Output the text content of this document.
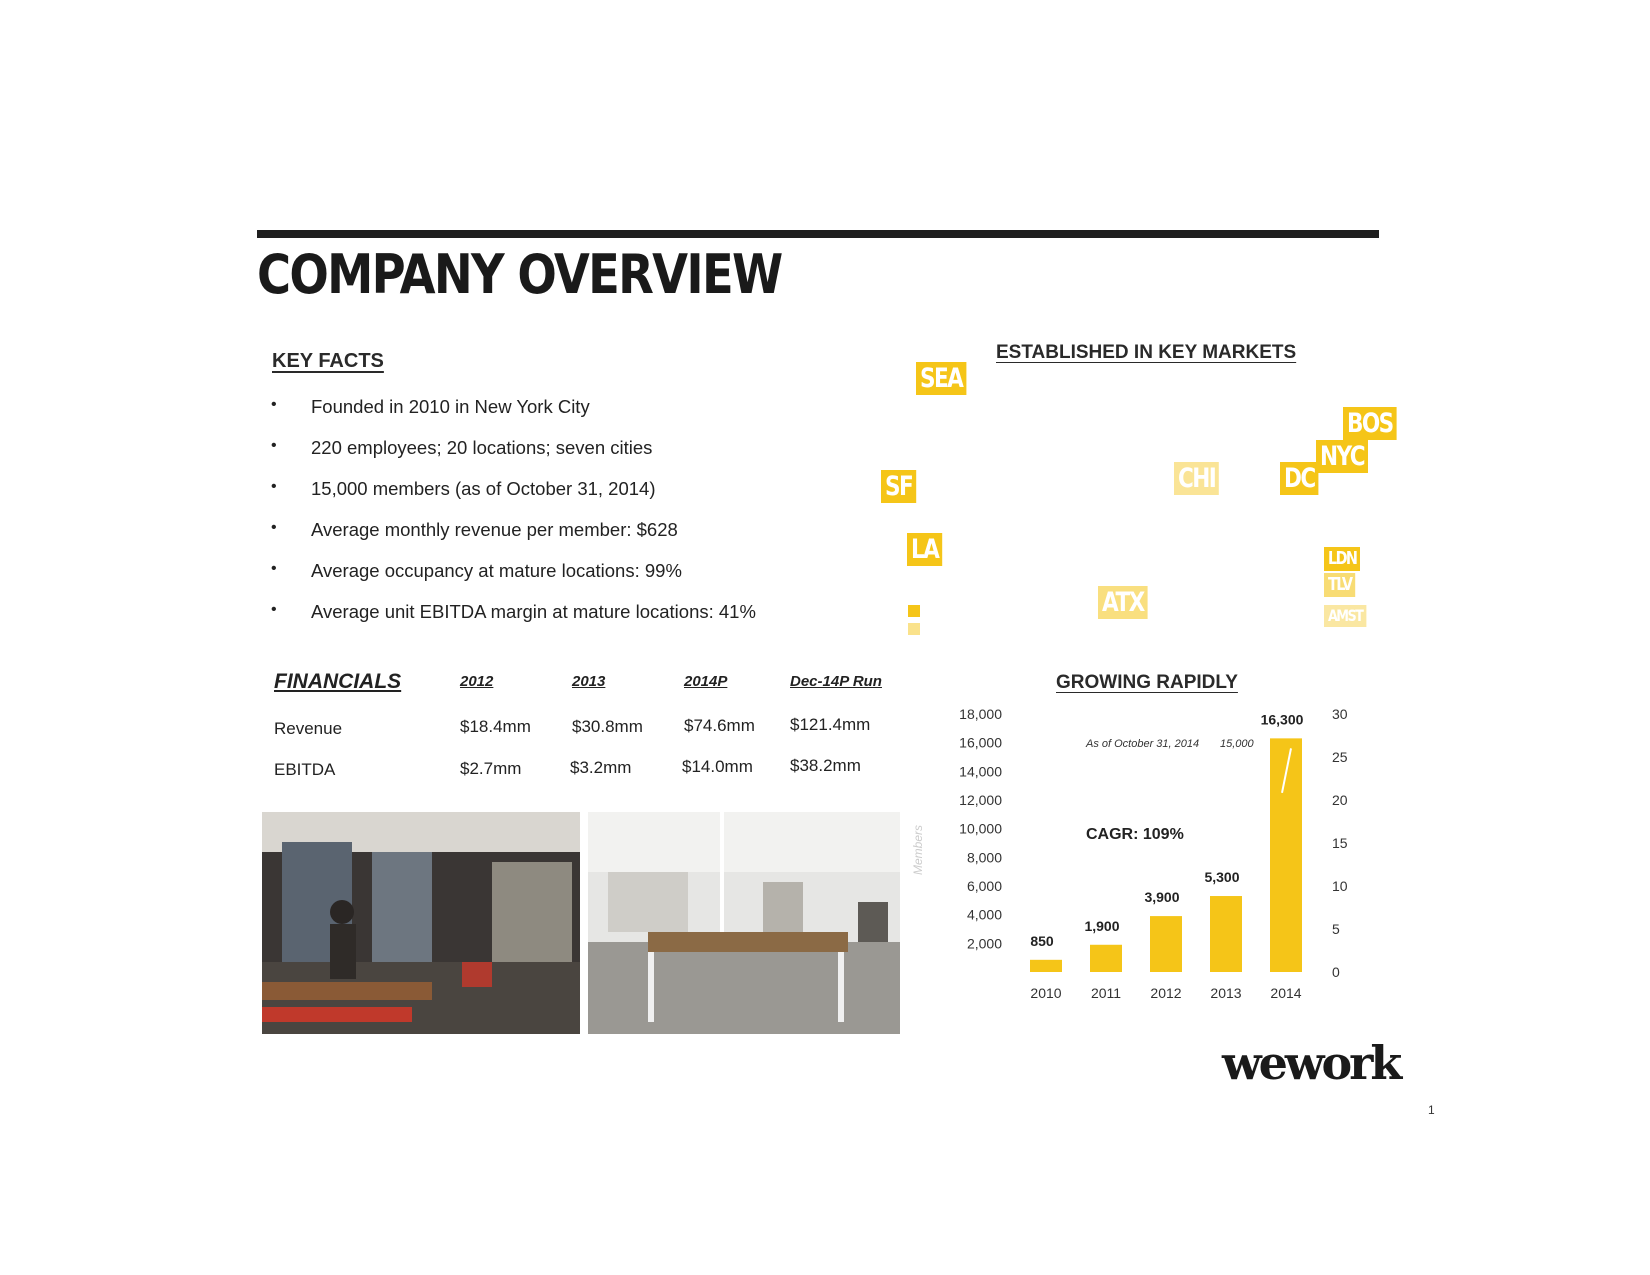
COMPANY OVERVIEW
KEY FACTS
• Founded in 2010 in New York City
• 220 employees; 20 locations; seven cities
• 15,000 members (as of October 31, 2014)
• Average monthly revenue per member: $628
• Average occupancy at mature locations: 99%
• Average unit EBITDA margin at mature locations: 41%
FINANCIALS	2012	2013	2014P	Dec-14P Run
Revenue	$18.4mm $30.8mm $74.6mm $121.4mm
EBITDA	$2.7mm	$3.2mm	$14.0mm $38.2mm
ESTABLISHED IN KEY MARKETS
SEA
SF
LA
CHI
ATX
DC
NYC
BOS
LDN
TLV
AMST
GROWING RAPIDLY
18,000
16,000
14,000
12,000
10,000
8,000
6,000
4,000
2,000
Members
30
25
20
15
10
5
0
850
2010
1,900
2011
3,900
2012
5,300
2013
16,300
2014
As of October 31, 2014 15,000
CAGR: 109%
wework
1
